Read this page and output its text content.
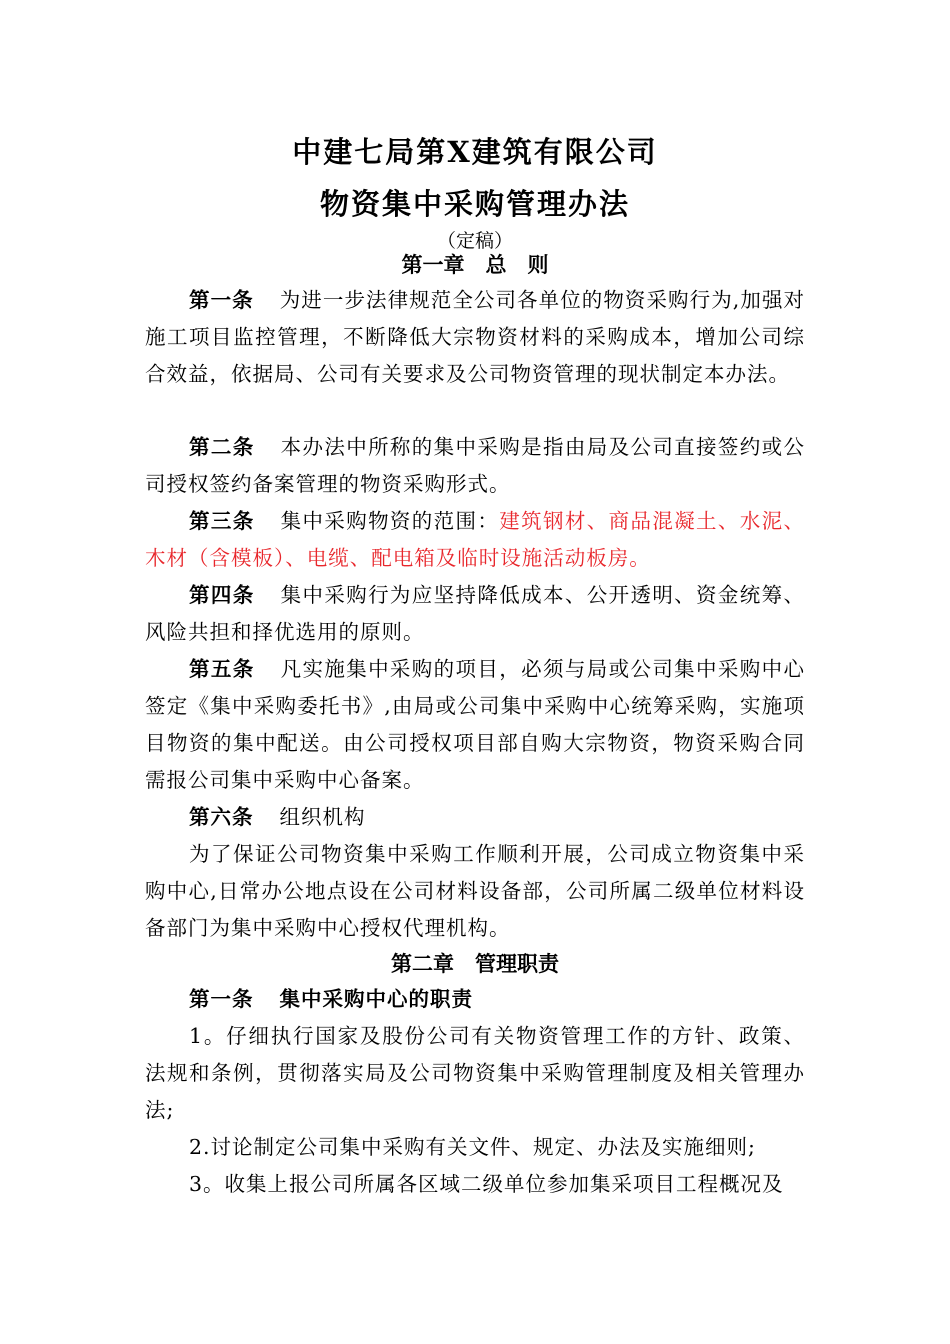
中建七局第X建筑有限公司
物资集中采购管理办法
（定稿）
第一章　总　则
第一条 为进一步法律规范全公司各单位的物资采购行为,加强对施工项目监控管理，不断降低大宗物资材料的采购成本，增加公司综合效益，依据局、公司有关要求及公司物资管理的现状制定本办法。
第二条 本办法中所称的集中采购是指由局及公司直接签约或公司授权签约备案管理的物资采购形式。
第三条 集中采购物资的范围：建筑钢材、商品混凝土、水泥、木材（含模板）、电缆、配电箱及临时设施活动板房。
第四条 集中采购行为应坚持降低成本、公开透明、资金统筹、风险共担和择优选用的原则。
第五条 凡实施集中采购的项目，必须与局或公司集中采购中心签定《集中采购委托书》,由局或公司集中采购中心统筹采购，实施项目物资的集中配送。由公司授权项目部自购大宗物资，物资采购合同需报公司集中采购中心备案。
第六条 组织机构
为了保证公司物资集中采购工作顺利开展，公司成立物资集中采购中心,日常办公地点设在公司材料设备部，公司所属二级单位材料设备部门为集中采购中心授权代理机构。
第二章　管理职责
第一条 集中采购中心的职责
1。仔细执行国家及股份公司有关物资管理工作的方针、政策、法规和条例，贯彻落实局及公司物资集中采购管理制度及相关管理办法;
2.讨论制定公司集中采购有关文件、规定、办法及实施细则;
3。收集上报公司所属各区域二级单位参加集采项目工程概况及
